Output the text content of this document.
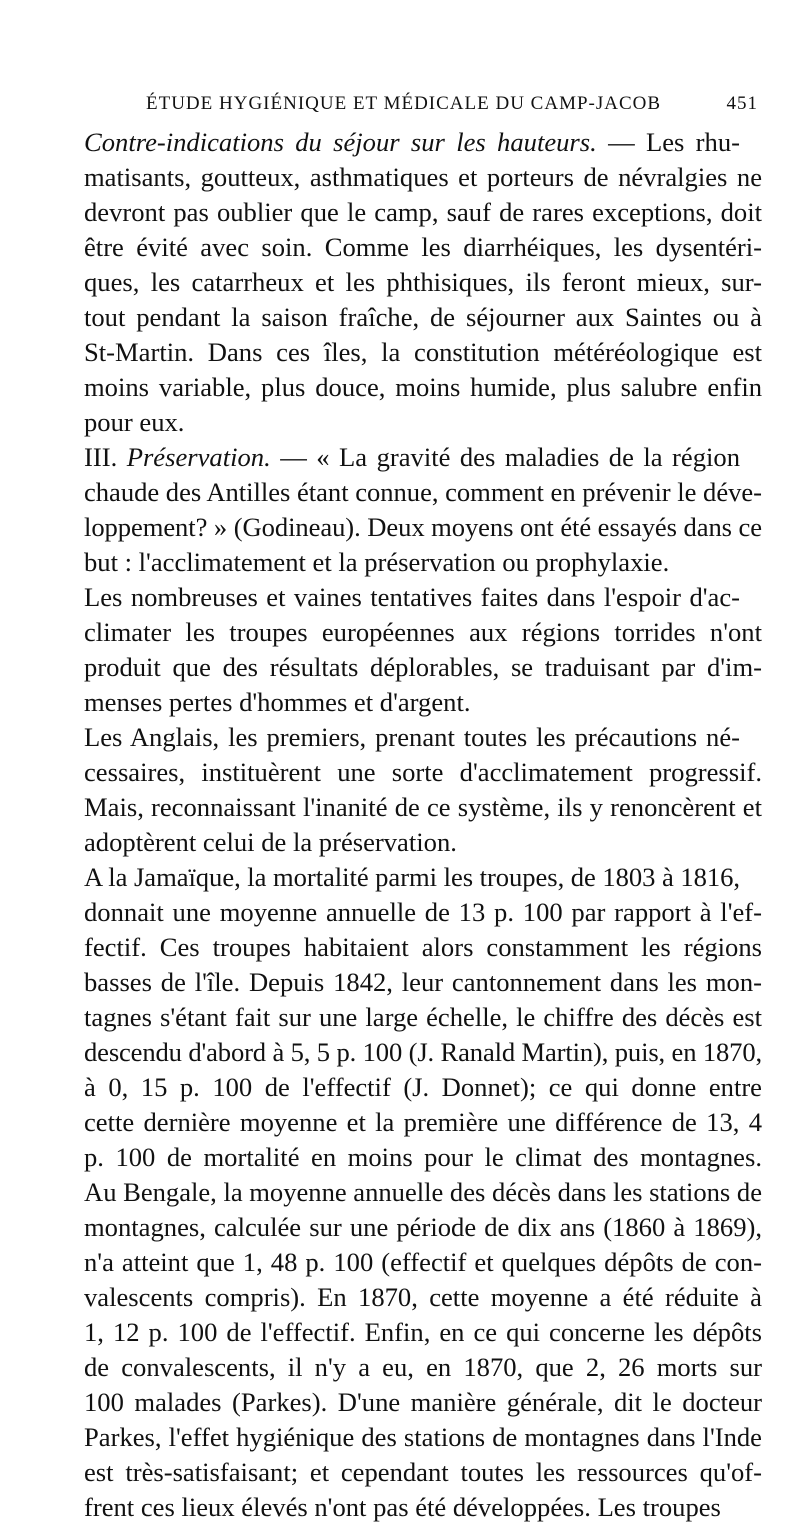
ÉTUDE HYGIÉNIQUE ET MÉDICALE DU CAMP-JACOB	451

Contre-indications du séjour sur les hauteurs. — Les rhu-
matisants, goutteux, asthmatiques et porteurs de névralgies ne
devront pas oublier que le camp, sauf de rares exceptions, doit
être évité avec soin. Comme les diarrhéiques, les dysentéri-
ques, les catarrheux et les phthisiques, ils feront mieux, sur-
tout pendant la saison fraîche, de séjourner aux Saintes ou à
St-Martin. Dans ces îles, la constitution météréologique est
moins variable, plus douce, moins humide, plus salubre enfin
pour eux.

III. Préservation. — « La gravité des maladies de la région
chaude des Antilles étant connue, comment en prévenir le déve-
loppement? » (Godineau). Deux moyens ont été essayés dans ce
but : l'acclimatement et la préservation ou prophylaxie.

Les nombreuses et vaines tentatives faites dans l'espoir d'ac-
climater les troupes européennes aux régions torrides n'ont
produit que des résultats déplorables, se traduisant par d'im-
menses pertes d'hommes et d'argent.

Les Anglais, les premiers, prenant toutes les précautions né-
cessaires, instituèrent une sorte d'acclimatement progressif.
Mais, reconnaissant l'inanité de ce système, ils y renoncèrent et
adoptèrent celui de la préservation.

A la Jamaïque, la mortalité parmi les troupes, de 1803 à 1816,
donnait une moyenne annuelle de 13 p. 100 par rapport à l'ef-
fectif. Ces troupes habitaient alors constamment les régions
basses de l'île. Depuis 1842, leur cantonnement dans les mon-
tagnes s'étant fait sur une large échelle, le chiffre des décès est
descendu d'abord à 5, 5 p. 100 (J. Ranald Martin), puis, en 1870,
à 0, 15 p. 100 de l'effectif (J. Donnet); ce qui donne entre
cette dernière moyenne et la première une différence de 13, 4
p. 100 de mortalité en moins pour le climat des montagnes.
Au Bengale, la moyenne annuelle des décès dans les stations de
montagnes, calculée sur une période de dix ans (1860 à 1869),
n'a atteint que 1, 48 p. 100 (effectif et quelques dépôts de con-
valescents compris). En 1870, cette moyenne a été réduite à
1, 12 p. 100 de l'effectif. Enfin, en ce qui concerne les dépôts
de convalescents, il n'y a eu, en 1870, que 2, 26 morts sur
100 malades (Parkes). D'une manière générale, dit le docteur
Parkes, l'effet hygiénique des stations de montagnes dans l'Inde
est très-satisfaisant; et cependant toutes les ressources qu'of-
frent ces lieux élevés n'ont pas été développées. Les troupes
